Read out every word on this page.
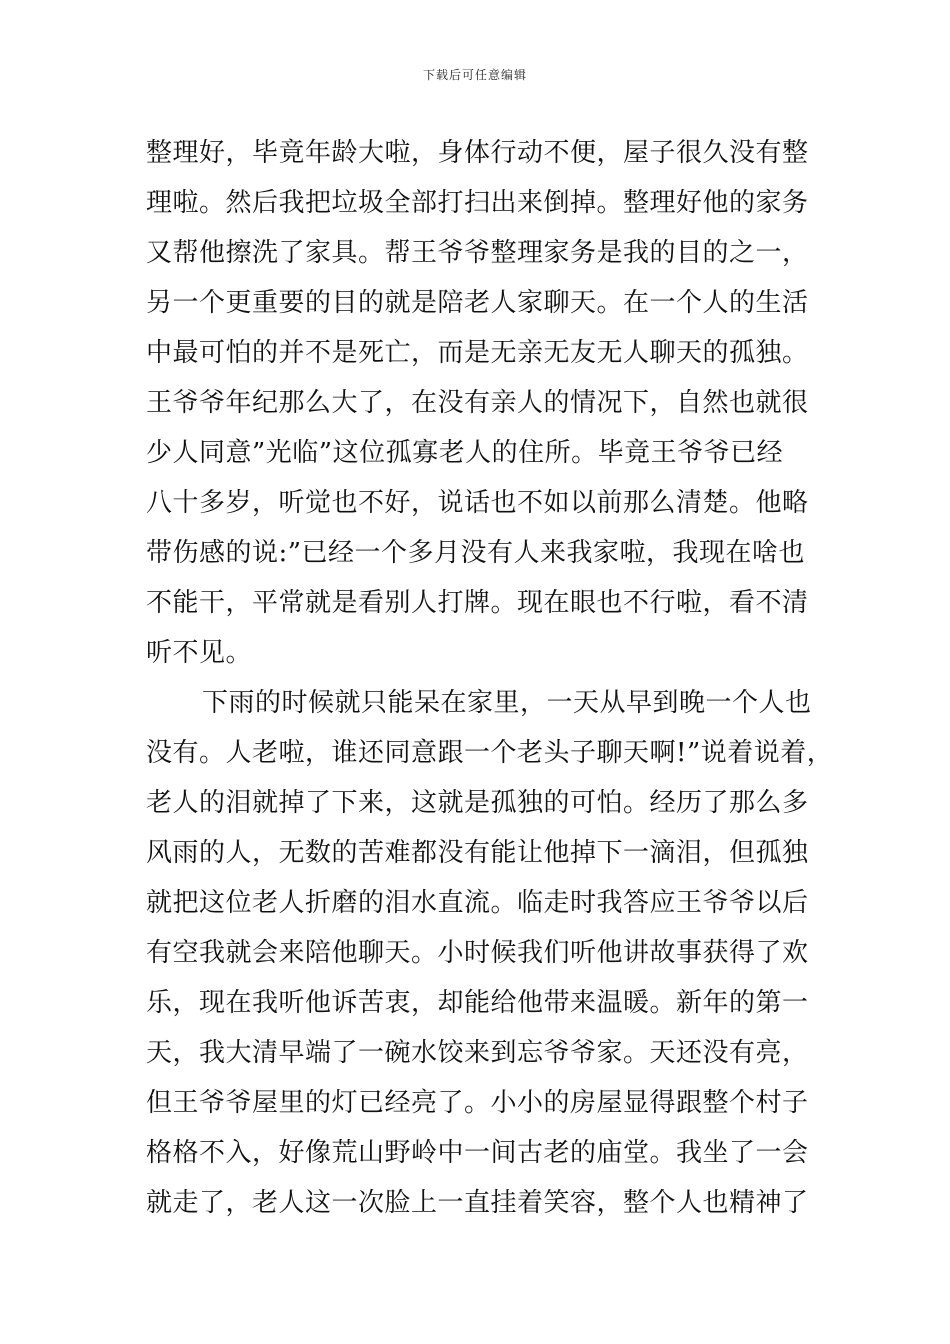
下载后可任意编辑
整理好，毕竟年龄大啦，身体行动不便，屋子很久没有整
理啦。然后我把垃圾全部打扫出来倒掉。整理好他的家务
又帮他擦洗了家具。帮王爷爷整理家务是我的目的之一，
另一个更重要的目的就是陪老人家聊天。在一个人的生活
中最可怕的并不是死亡，而是无亲无友无人聊天的孤独。
王爷爷年纪那么大了，在没有亲人的情况下，自然也就很
少人同意”光临”这位孤寡老人的住所。毕竟王爷爷已经
八十多岁，听觉也不好，说话也不如以前那么清楚。他略
带伤感的说:”已经一个多月没有人来我家啦，我现在啥也
不能干，平常就是看别人打牌。现在眼也不行啦，看不清
听不见。
下雨的时候就只能呆在家里，一天从早到晚一个人也
没有。人老啦，谁还同意跟一个老头子聊天啊!”说着说着，
老人的泪就掉了下来，这就是孤独的可怕。经历了那么多
风雨的人，无数的苦难都没有能让他掉下一滴泪，但孤独
就把这位老人折磨的泪水直流。临走时我答应王爷爷以后
有空我就会来陪他聊天。小时候我们听他讲故事获得了欢
乐，现在我听他诉苦衷，却能给他带来温暖。新年的第一
天，我大清早端了一碗水饺来到忘爷爷家。天还没有亮，
但王爷爷屋里的灯已经亮了。小小的房屋显得跟整个村子
格格不入，好像荒山野岭中一间古老的庙堂。我坐了一会
就走了，老人这一次脸上一直挂着笑容，整个人也精神了
